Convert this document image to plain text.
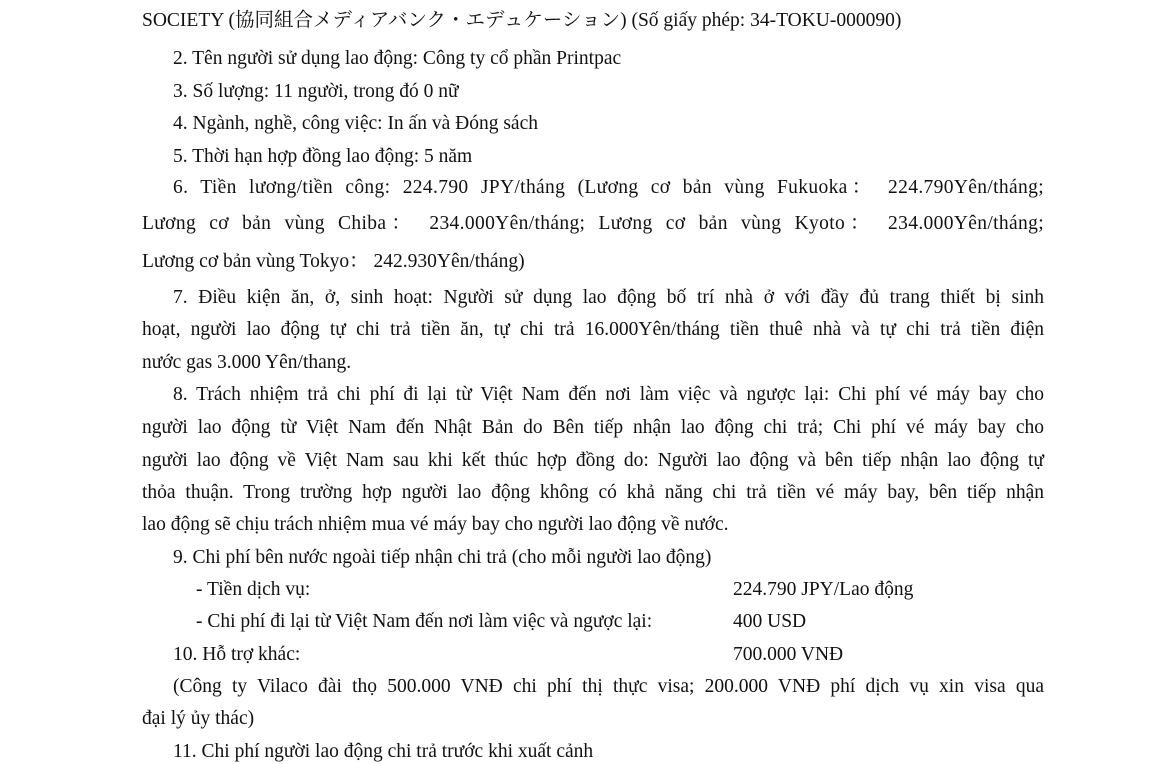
SOCIETY (協同組合メディアバンク・エデュケーション) (Số giấy phép: 34-TOKU-000090)
2. Tên người sử dụng lao động: Công ty cổ phần Printpac
3. Số lượng: 11 người, trong đó 0 nữ
4. Ngành, nghề, công việc: In ấn và Đóng sách
5. Thời hạn hợp đồng lao động: 5 năm
6. Tiền lương/tiền công: 224.790 JPY/tháng (Lương cơ bản vùng Fukuoka： 224.790Yên/tháng;
Lương cơ bản vùng Chiba： 234.000Yên/tháng; Lương cơ bản vùng Kyoto： 234.000Yên/tháng;
Lương cơ bản vùng Tokyo： 242.930Yên/tháng)
7. Điều kiện ăn, ở, sinh hoạt: Người sử dụng lao động bố trí nhà ở với đầy đủ trang thiết bị sinh
hoạt, người lao động tự chi trả tiền ăn, tự chi trả 16.000Yên/tháng tiền thuê nhà và tự chi trả tiền điện
nước gas 3.000 Yên/thang.
8. Trách nhiệm trả chi phí đi lại từ Việt Nam đến nơi làm việc và ngược lại: Chi phí vé máy bay cho
người lao động từ Việt Nam đến Nhật Bản do Bên tiếp nhận lao động chi trả; Chi phí vé máy bay cho
người lao động về Việt Nam sau khi kết thúc hợp đồng do: Người lao động và bên tiếp nhận lao động tự
thỏa thuận. Trong trường hợp người lao động không có khả năng chi trả tiền vé máy bay, bên tiếp nhận
lao động sẽ chịu trách nhiệm mua vé máy bay cho người lao động về nước.
9. Chi phí bên nước ngoài tiếp nhận chi trả (cho mỗi người lao động)
- Tiền dịch vụ:	224.790 JPY/Lao động
- Chi phí đi lại từ Việt Nam đến nơi làm việc và ngược lại:	400 USD
10. Hỗ trợ khác:	700.000 VNĐ
(Công ty Vilaco đài thọ 500.000 VNĐ chi phí thị thực visa; 200.000 VNĐ phí dịch vụ xin visa qua
đại lý ủy thác)
11. Chi phí người lao động chi trả trước khi xuất cảnh
